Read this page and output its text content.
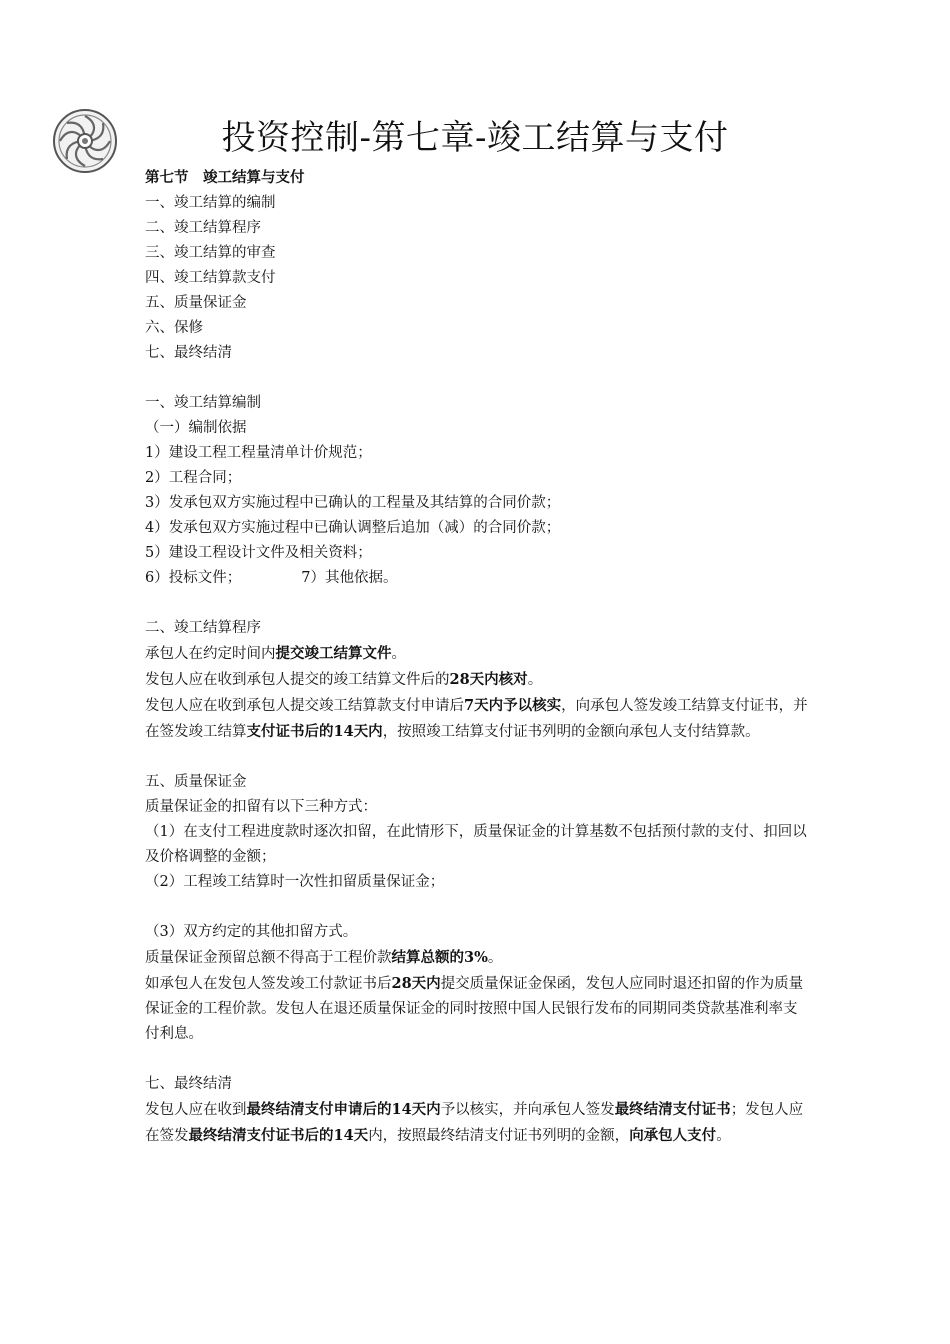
投资控制-第七章-竣工结算与支付
第七节　竣工结算与支付
一、竣工结算的编制
二、竣工结算程序
三、竣工结算的审查
四、竣工结算款支付
五、质量保证金
六、保修
七、最终结清
一、竣工结算编制
（一）编制依据
1）建设工程工程量清单计价规范；
2）工程合同；
3）发承包双方实施过程中已确认的工程量及其结算的合同价款；
4）发承包双方实施过程中已确认调整后追加（减）的合同价款；
5）建设工程设计文件及相关资料；
6）投标文件；	7）其他依据。
二、竣工结算程序
承包人在约定时间内提交竣工结算文件。
发包人应在收到承包人提交的竣工结算文件后的28天内核对。
发包人应在收到承包人提交竣工结算款支付申请后7天内予以核实，向承包人签发竣工结算支付证书，并在签发竣工结算支付证书后的14天内，按照竣工结算支付证书列明的金额向承包人支付结算款。
五、质量保证金
质量保证金的扣留有以下三种方式：
（1）在支付工程进度款时逐次扣留，在此情形下，质量保证金的计算基数不包括预付款的支付、扣回以及价格调整的金额；
（2）工程竣工结算时一次性扣留质量保证金；
（3）双方约定的其他扣留方式。
质量保证金预留总额不得高于工程价款结算总额的3%。
如承包人在发包人签发竣工付款证书后28天内提交质量保证金保函，发包人应同时退还扣留的作为质量保证金的工程价款。发包人在退还质量保证金的同时按照中国人民银行发布的同期同类贷款基准利率支付利息。
七、最终结清
发包人应在收到最终结清支付申请后的14天内予以核实，并向承包人签发最终结清支付证书；发包人应在签发最终结清支付证书后的14天内，按照最终结清支付证书列明的金额，向承包人支付。
